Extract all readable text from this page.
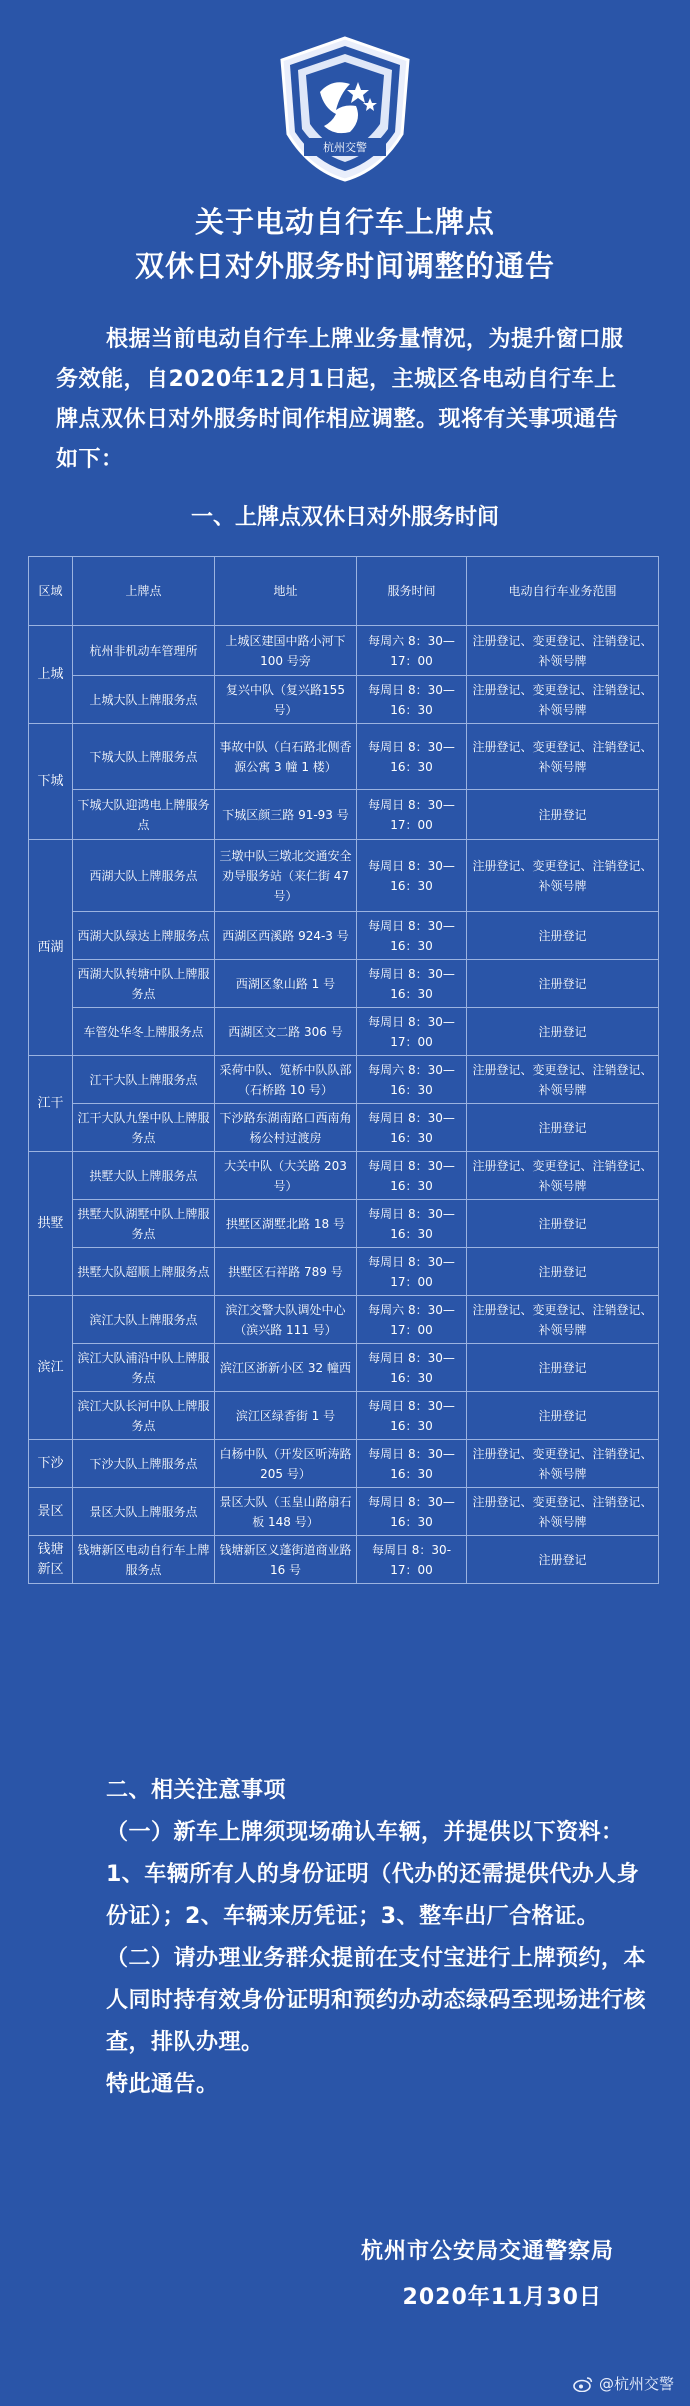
杭州交警
关于电动自行车上牌点
双休日对外服务时间调整的通告
根据当前电动自行车上牌业务量情况，为提升窗口服务效能，自2020年12月1日起，主城区各电动自行车上牌点双休日对外服务时间作相应调整。现将有关事项通告如下：
一、上牌点双休日对外服务时间
区域	上牌点	地址	服务时间	电动自行车业务范围
上城	杭州非机动车管理所	上城区建国中路小河下 100 号旁	每周六 8：30—17：00	注册登记、变更登记、注销登记、补领号牌
	上城大队上牌服务点	复兴中队（复兴路155 号）	每周日 8：30—16：30	注册登记、变更登记、注销登记、补领号牌
下城	下城大队上牌服务点	事故中队（白石路北侧香源公寓 3 幢 1 楼）	每周日 8：30—16：30	注册登记、变更登记、注销登记、补领号牌
	下城大队迎鸿电上牌服务点	下城区颜三路 91-93 号	每周日 8：30—17：00	注册登记
西湖	西湖大队上牌服务点	三墩中队三墩北交通安全劝导服务站（来仁街 47 号）	每周日 8：30—16：30	注册登记、变更登记、注销登记、补领号牌
	西湖大队绿达上牌服务点	西湖区西溪路 924-3 号	每周日 8：30—16：30	注册登记
	西湖大队转塘中队上牌服务点	西湖区象山路 1 号	每周日 8：30—16：30	注册登记
	车管处华冬上牌服务点	西湖区文二路 306 号	每周日 8：30—17：00	注册登记
江干	江干大队上牌服务点	采荷中队、笕桥中队队部（石桥路 10 号）	每周六 8：30—16：30	注册登记、变更登记、注销登记、补领号牌
	江干大队九堡中队上牌服务点	下沙路东湖南路口西南角杨公村过渡房	每周日 8：30—16：30	注册登记
拱墅	拱墅大队上牌服务点	大关中队（大关路 203 号）	每周日 8：30—16：30	注册登记、变更登记、注销登记、补领号牌
	拱墅大队湖墅中队上牌服务点	拱墅区湖墅北路 18 号	每周日 8：30—16：30	注册登记
	拱墅大队超顺上牌服务点	拱墅区石祥路 789 号	每周日 8：30—17：00	注册登记
滨江	滨江大队上牌服务点	滨江交警大队调处中心（滨兴路 111 号）	每周六 8：30—17：00	注册登记、变更登记、注销登记、补领号牌
	滨江大队浦沿中队上牌服务点	滨江区浙新小区 32 幢西	每周日 8：30—16：30	注册登记
	滨江大队长河中队上牌服务点	滨江区绿香街 1 号	每周日 8：30—16：30	注册登记
下沙	下沙大队上牌服务点	白杨中队（开发区听涛路 205 号）	每周日 8：30—16：30	注册登记、变更登记、注销登记、补领号牌
景区	景区大队上牌服务点	景区大队（玉皇山路扇石板 148 号）	每周日 8：30—16：30	注册登记、变更登记、注销登记、补领号牌
钱塘新区	钱塘新区电动自行车上牌服务点	钱塘新区义蓬街道商业路 16 号	每周日 8：30-17：00	注册登记

二、相关注意事项

（一）新车上牌须现场确认车辆，并提供以下资料：1、车辆所有人的身份证明（代办的还需提供代办人身份证）；2、车辆来历凭证；3、整车出厂合格证。

（二）请办理业务群众提前在支付宝进行上牌预约，本人同时持有效身份证明和预约办动态绿码至现场进行核查，排队办理。

特此通告。

杭州市公安局交通警察局
2020年11月30日
@杭州交警
